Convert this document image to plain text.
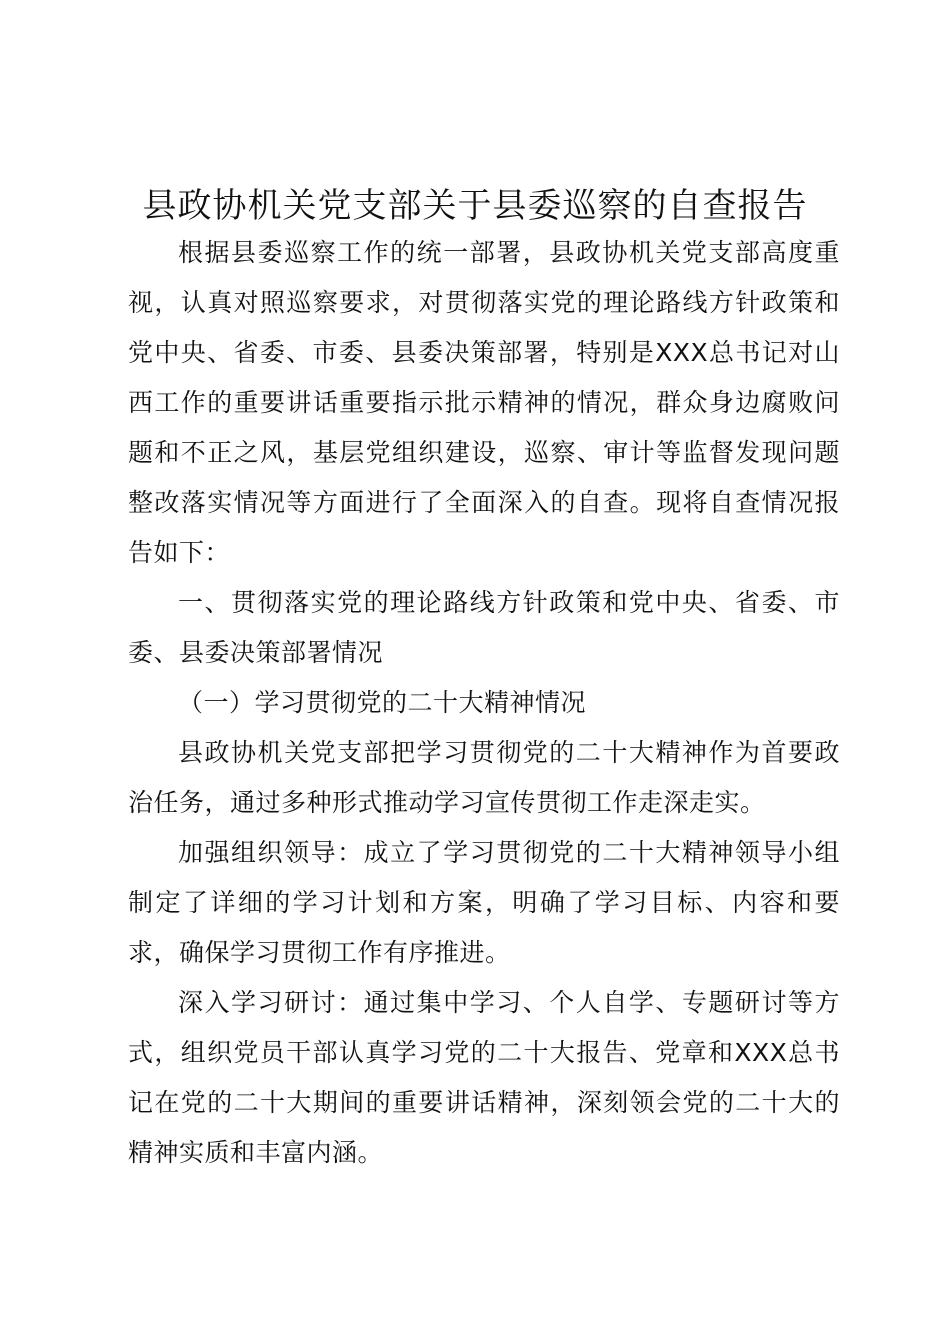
县政协机关党支部关于县委巡察的自查报告

根据县委巡察工作的统一部署，县政协机关党支部高度重视，认真对照巡察要求，对贯彻落实党的理论路线方针政策和党中央、省委、市委、县委决策部署，特别是XXX总书记对山西工作的重要讲话重要指示批示精神的情况，群众身边腐败问题和不正之风，基层党组织建设，巡察、审计等监督发现问题整改落实情况等方面进行了全面深入的自查。现将自查情况报告如下：

一、贯彻落实党的理论路线方针政策和党中央、省委、市委、县委决策部署情况

（一）学习贯彻党的二十大精神情况

县政协机关党支部把学习贯彻党的二十大精神作为首要政治任务，通过多种形式推动学习宣传贯彻工作走深走实。

加强组织领导：成立了学习贯彻党的二十大精神领导小组制定了详细的学习计划和方案，明确了学习目标、内容和要求，确保学习贯彻工作有序推进。

深入学习研讨：通过集中学习、个人自学、专题研讨等方式，组织党员干部认真学习党的二十大报告、党章和XXX总书记在党的二十大期间的重要讲话精神，深刻领会党的二十大的精神实质和丰富内涵。
